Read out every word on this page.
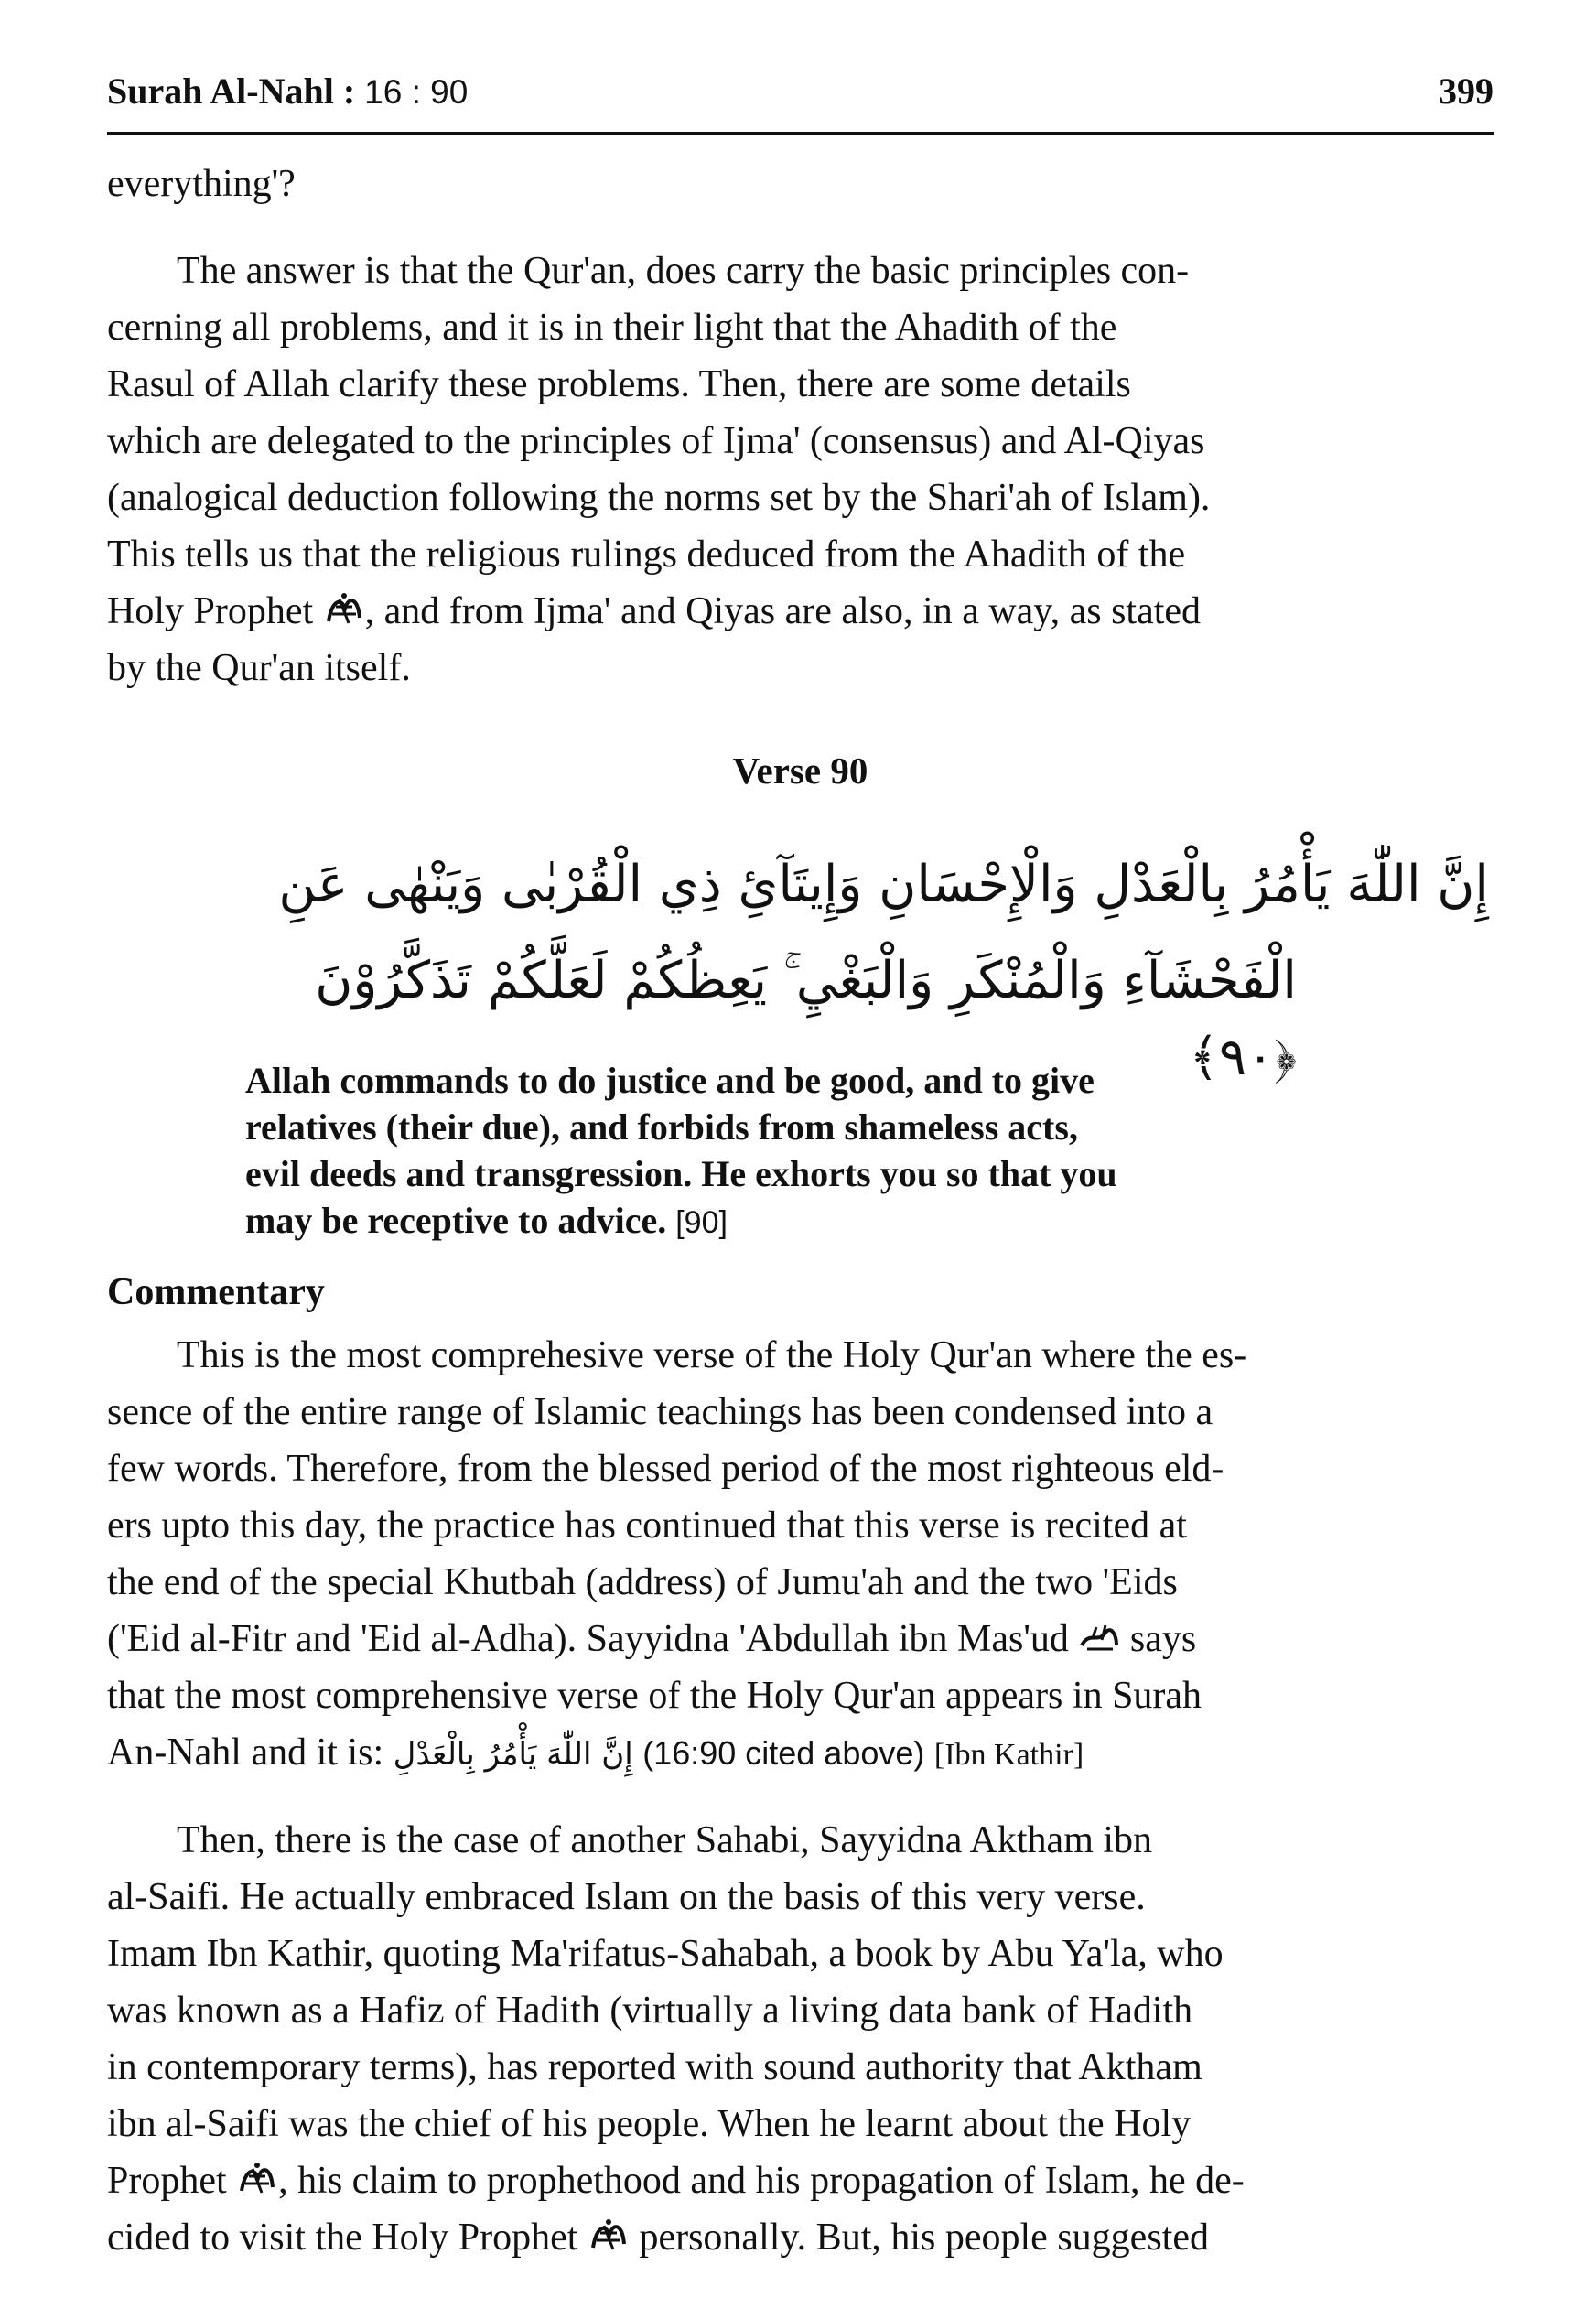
Surah Al-Nahl : 16 : 90	399
everything'?
The answer is that the Qur'an, does carry the basic principles con-
cerning all problems, and it is in their light that the Ahadith of the
Rasul of Allah clarify these problems. Then, there are some details
which are delegated to the principles of Ijma' (consensus) and Al-Qiyas
(analogical deduction following the norms set by the Shari'ah of Islam).
This tells us that the religious rulings deduced from the Ahadith of the
Holy Prophet , and from Ijma' and Qiyas are also, in a way, as stated
by the Qur'an itself.
Verse 90
إِنَّ اللّٰهَ يَأْمُرُ بِالْعَدْلِ وَالْإِحْسَانِ وَإِيتَآئِ ذِي الْقُرْبٰى وَيَنْهٰى عَنِ
الْفَحْشَآءِ وَالْمُنْكَرِ وَالْبَغْيِ ۚ يَعِظُكُمْ لَعَلَّكُمْ تَذَكَّرُوْنَ ﴿٩٠﴾
Allah commands to do justice and be good, and to give
relatives (their due), and forbids from shameless acts,
evil deeds and transgression. He exhorts you so that you
may be receptive to advice. [90]
Commentary
This is the most comprehesive verse of the Holy Qur'an where the es-
sence of the entire range of Islamic teachings has been condensed into a
few words. Therefore, from the blessed period of the most righteous eld-
ers upto this day, the practice has continued that this verse is recited at
the end of the special Khutbah (address) of Jumu'ah and the two 'Eids
('Eid al-Fitr and 'Eid al-Adha). Sayyidna 'Abdullah ibn Mas'ud says
that the most comprehensive verse of the Holy Qur'an appears in Surah
An-Nahl and it is: إِنَّ اللّٰهَ يَأْمُرُ بِالْعَدْلِ (16:90 cited above) [Ibn Kathir]
Then, there is the case of another Sahabi, Sayyidna Aktham ibn
al-Saifi. He actually embraced Islam on the basis of this very verse.
Imam Ibn Kathir, quoting Ma'rifatus-Sahabah, a book by Abu Ya'la, who
was known as a Hafiz of Hadith (virtually a living data bank of Hadith
in contemporary terms), has reported with sound authority that Aktham
ibn al-Saifi was the chief of his people. When he learnt about the Holy
Prophet , his claim to prophethood and his propagation of Islam, he de-
cided to visit the Holy Prophet personally. But, his people suggested
